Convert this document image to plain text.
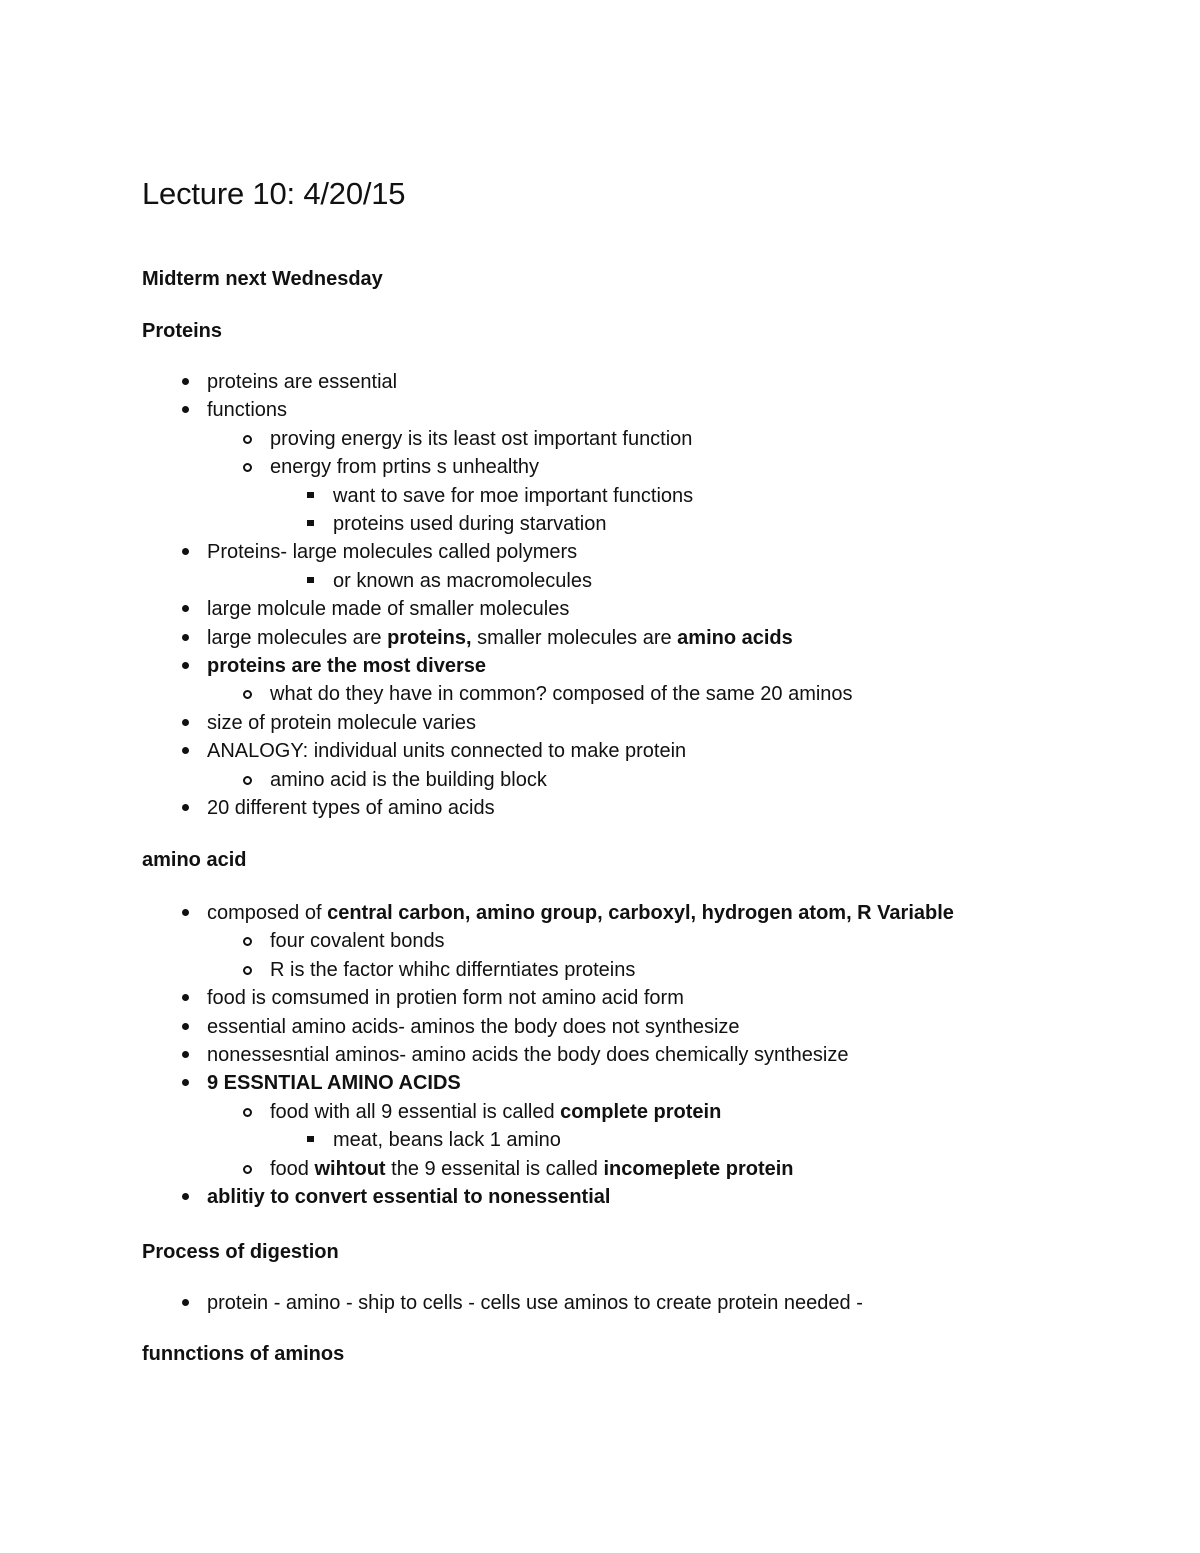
Lecture 10: 4/20/15
Midterm next Wednesday
Proteins
proteins are essential
functions
proving energy is its least ost important function
energy from prtins s unhealthy
want to save for moe important functions
proteins used during starvation
Proteins- large molecules called polymers
or known as macromolecules
large molcule made of smaller molecules
large molecules are proteins, smaller molecules are amino acids
proteins are the most diverse
what do they have in common? composed of the same 20 aminos
size of protein molecule varies
ANALOGY: individual units connected to make protein
amino acid is the building block
20 different types of amino acids
amino acid
composed of central carbon, amino group, carboxyl, hydrogen atom, R Variable
four covalent bonds
R is the factor whihc differntiates proteins
food is comsumed in protien form not amino acid form
essential amino acids- aminos the body does not synthesize
nonessesntial aminos- amino acids the body does chemically synthesize
9 ESSNTIAL AMINO ACIDS
food with all 9 essential is called complete protein
meat, beans lack 1 amino
food wihtout the 9 essenital is called incomeplete protein
ablitiy to convert essential to nonessential
Process of digestion
protein - amino - ship to cells - cells use aminos to create protein needed -
funnctions of aminos
